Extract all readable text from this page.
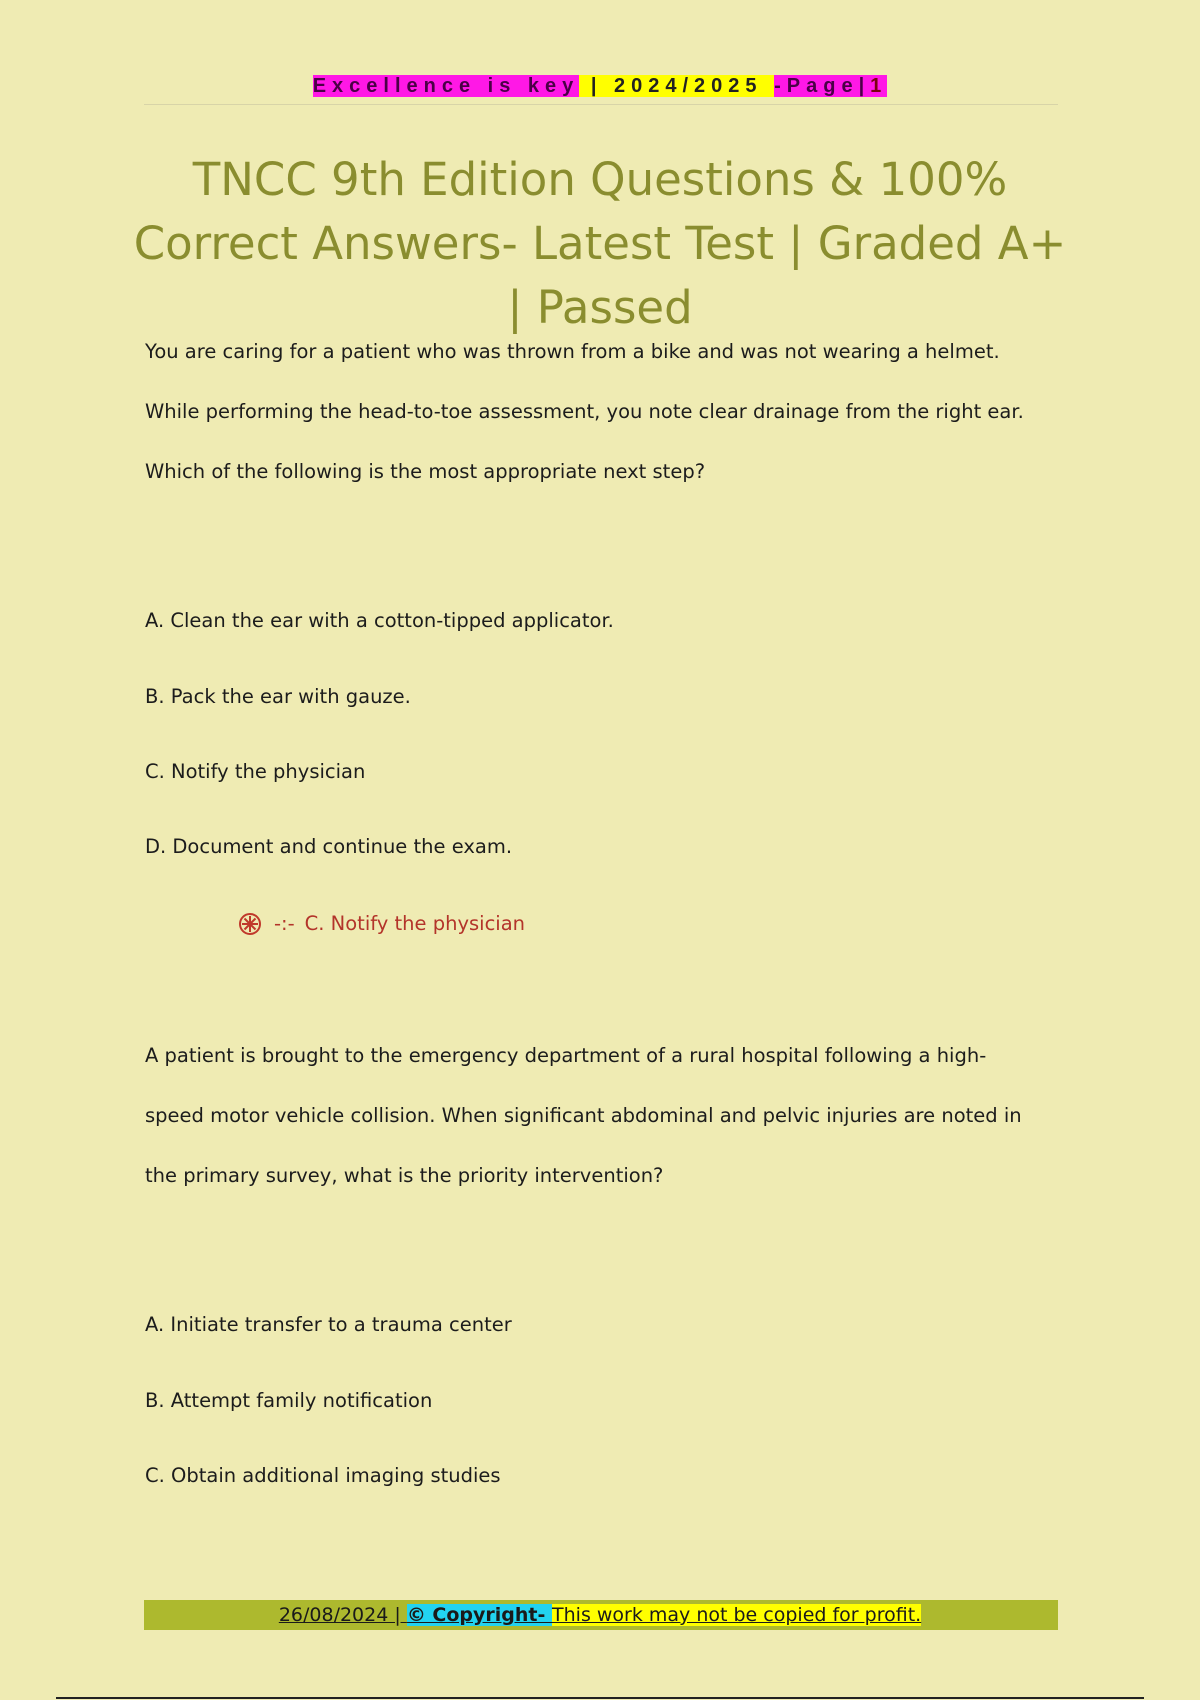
Excellence is key | 2024/2025 -Page|1
TNCC 9th Edition Questions & 100%
Correct Answers- Latest Test | Graded A+
| Passed
You are caring for a patient who was thrown from a bike and was not wearing a helmet.
While performing the head-to-toe assessment, you note clear drainage from the right ear.
Which of the following is the most appropriate next step?
A. Clean the ear with a cotton-tipped applicator.
B. Pack the ear with gauze.
C. Notify the physician
D. Document and continue the exam.
-:- C. Notify the physician
A patient is brought to the emergency department of a rural hospital following a high-
speed motor vehicle collision. When significant abdominal and pelvic injuries are noted in
the primary survey, what is the priority intervention?
A. Initiate transfer to a trauma center
B. Attempt family notification
C. Obtain additional imaging studies
26/08/2024 | © Copyright- This work may not be copied for profit.
